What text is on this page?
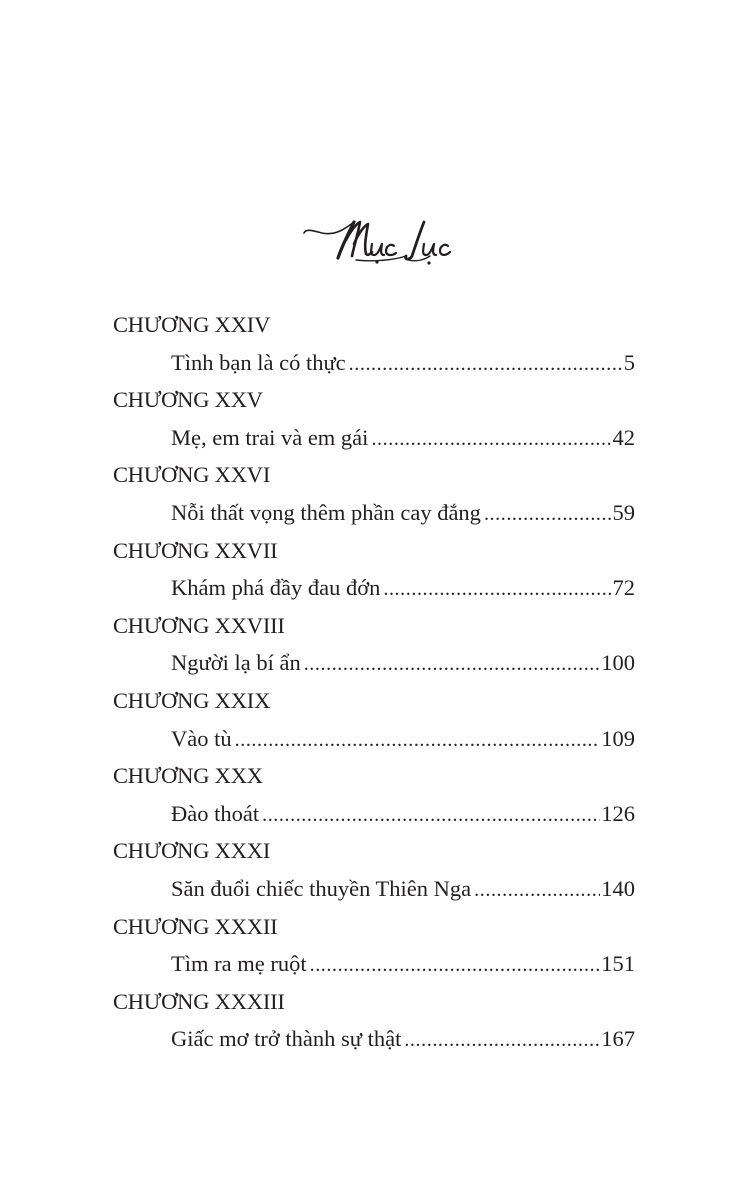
CHƯƠNG XXIV
Tình bạn là có thực .....	5
CHƯƠNG XXV
Mẹ, em trai và em gái .....	42
CHƯƠNG XXVI
Nỗi thất vọng thêm phần cay đắng .....	59
CHƯƠNG XXVII
Khám phá đầy đau đớn .....	72
CHƯƠNG XXVIII
Người lạ bí ẩn .....	100
CHƯƠNG XXIX
Vào tù .....	109
CHƯƠNG XXX
Đào thoát .....	126
CHƯƠNG XXXI
Săn đuổi chiếc thuyền Thiên Nga .....	140
CHƯƠNG XXXII
Tìm ra mẹ ruột .....	151
CHƯƠNG XXXIII
Giấc mơ trở thành sự thật .....	167
